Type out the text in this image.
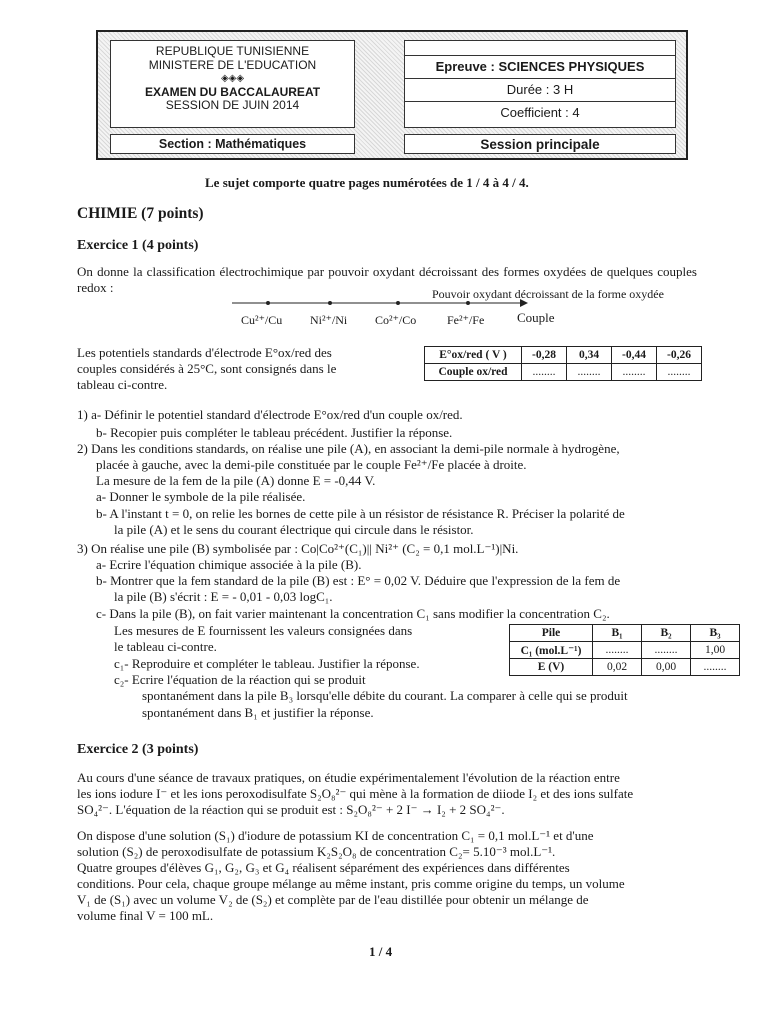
REPUBLIQUE TUNISIENNE
MINISTERE DE L'EDUCATION
◈◈◈
EXAMEN DU BACCALAUREAT
SESSION DE JUIN 2014
Epreuve : SCIENCES PHYSIQUES
Durée : 3 H
Coefficient : 4
Section : Mathématiques	Session principale

Le sujet comporte quatre pages numérotées de 1 / 4 à 4 / 4.

CHIMIE (7 points)

Exercice 1 (4 points)

On donne la classification électrochimique par pouvoir oxydant décroissant des formes oxydées de quelques couples redox :	Pouvoir oxydant décroissant de la forme oxydée

Cu²⁺/Cu Ni²⁺/Ni Co²⁺/Co	Fe²⁺/Fe	Couple

Les potentiels standards d'électrode E°ox/red des

couples considérés à 25°C, sont consignés dans le

tableau ci-contre.

E°ox/red ( V )	-0,28	0,34	-0,44	-0,26
Couple ox/red	........	........	........	........

1) a- Définir le potentiel standard d'électrode E°ox/red d'un couple ox/red.

b- Recopier puis compléter le tableau précédent. Justifier la réponse.

2) Dans les conditions standards, on réalise une pile (A), en associant la demi-pile normale à hydrogène,

placée à gauche, avec la demi-pile constituée par le couple Fe²⁺/Fe placée à droite.

La mesure de la fem de la pile (A) donne E = -0,44 V.

a- Donner le symbole de la pile réalisée.

b- A l'instant t = 0, on relie les bornes de cette pile à un résistor de résistance R. Préciser la polarité de

la pile (A) et le sens du courant électrique qui circule dans le résistor.

3) On réalise une pile (B) symbolisée par : Co|Co²⁺(C₁)|| Ni²⁺ (C₂ = 0,1 mol.L⁻¹)|Ni.

a- Ecrire l'équation chimique associée à la pile (B).

b- Montrer que la fem standard de la pile (B) est : E° = 0,02 V. Déduire que l'expression de la fem de

la pile (B) s'écrit : E = - 0,01 - 0,03 logC₁.

c- Dans la pile (B), on fait varier maintenant la concentration C₁ sans modifier la concentration C₂.

Les mesures de E fournissent les valeurs consignées dans

le tableau ci-contre.

c₁- Reproduire et compléter le tableau. Justifier la réponse.

c₂- Ecrire l'équation de la réaction qui se produit

spontanément dans la pile B₃ lorsqu'elle débite du courant. La comparer à celle qui se produit

spontanément dans B₁ et justifier la réponse.

Pile	B₁	B₂	B₃
C₁ (mol.L⁻¹)	........	........	1,00
E (V)	0,02	0,00	........

Exercice 2 (3 points)

Au cours d'une séance de travaux pratiques, on étudie expérimentalement l'évolution de la réaction entre

les ions iodure I⁻ et les ions peroxodisulfate S₂O₈²⁻ qui mène à la formation de diiode I₂ et des ions sulfate

SO₄²⁻. L'équation de la réaction qui se produit est : S₂O₈²⁻ + 2 I⁻ → I₂ + 2 SO₄²⁻.

On dispose d'une solution (S₁) d'iodure de potassium KI de concentration C₁ = 0,1 mol.L⁻¹ et d'une

solution (S₂) de peroxodisulfate de potassium K₂S₂O₈ de concentration C₂= 5.10⁻³ mol.L⁻¹.

Quatre groupes d'élèves G₁, G₂, G₃ et G₄ réalisent séparément des expériences dans différentes

conditions. Pour cela, chaque groupe mélange au même instant, pris comme origine du temps, un volume

V₁ de (S₁) avec un volume V₂ de (S₂) et complète par de l'eau distillée pour obtenir un mélange de

volume final V = 100 mL.

1 / 4
